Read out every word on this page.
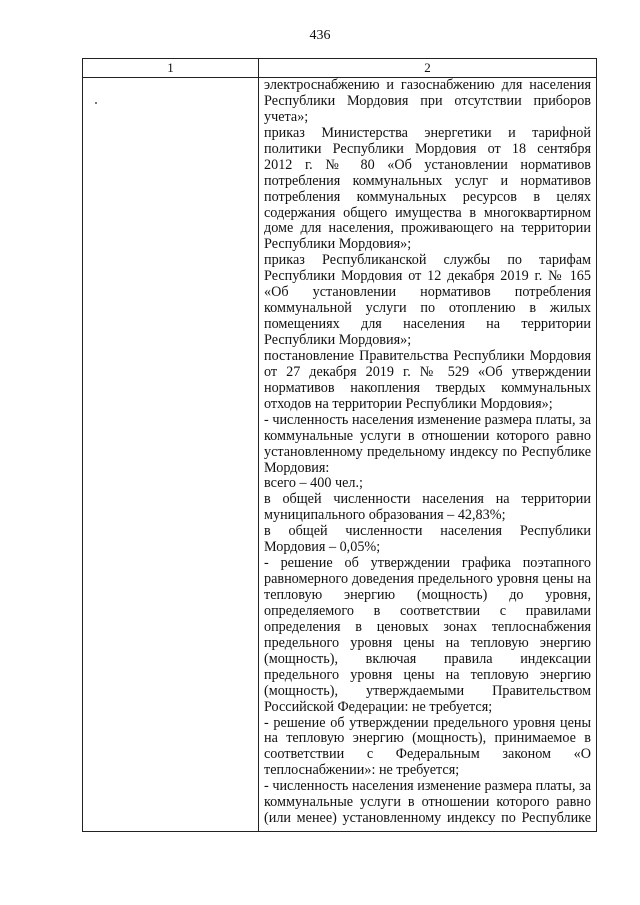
436
1	2
электроснабжению и газоснабжению для населения
Республики Мордовия при отсутствии приборов
учета»;
приказ Министерства энергетики и тарифной
политики Республики Мордовия от 18 сентября
2012 г. № 80 «Об установлении нормативов
потребления коммунальных услуг и нормативов
потребления коммунальных ресурсов в целях
содержания общего имущества в многоквартирном
доме для населения, проживающего на территории
Республики Мордовия»;
приказ Республиканской службы по тарифам
Республики Мордовия от 12 декабря 2019 г. № 165
«Об установлении нормативов потребления
коммунальной услуги по отоплению в жилых
помещениях для населения на территории
Республики Мордовия»;
постановление Правительства Республики Мордовия
от 27 декабря 2019 г. № 529 «Об утверждении
нормативов накопления твердых коммунальных
отходов на территории Республики Мордовия»;
- численность населения изменение размера платы, за
коммунальные услуги в отношении которого равно
установленному предельному индексу по Республике
Мордовия:
всего – 400 чел.;
в общей численности населения на территории
муниципального образования – 42,83%;
в общей численности населения Республики
Мордовия – 0,05%;
- решение об утверждении графика поэтапного
равномерного доведения предельного уровня цены на
тепловую энергию (мощность) до уровня,
определяемого в соответствии с правилами
определения в ценовых зонах теплоснабжения
предельного уровня цены на тепловую энергию
(мощность), включая правила индексации
предельного уровня цены на тепловую энергию
(мощность), утверждаемыми Правительством
Российской Федерации: не требуется;
- решение об утверждении предельного уровня цены
на тепловую энергию (мощность), принимаемое в
соответствии с Федеральным законом «О
теплоснабжении»: не требуется;
- численность населения изменение размера платы, за
коммунальные услуги в отношении которого равно
(или менее) установленному индексу по Республике
